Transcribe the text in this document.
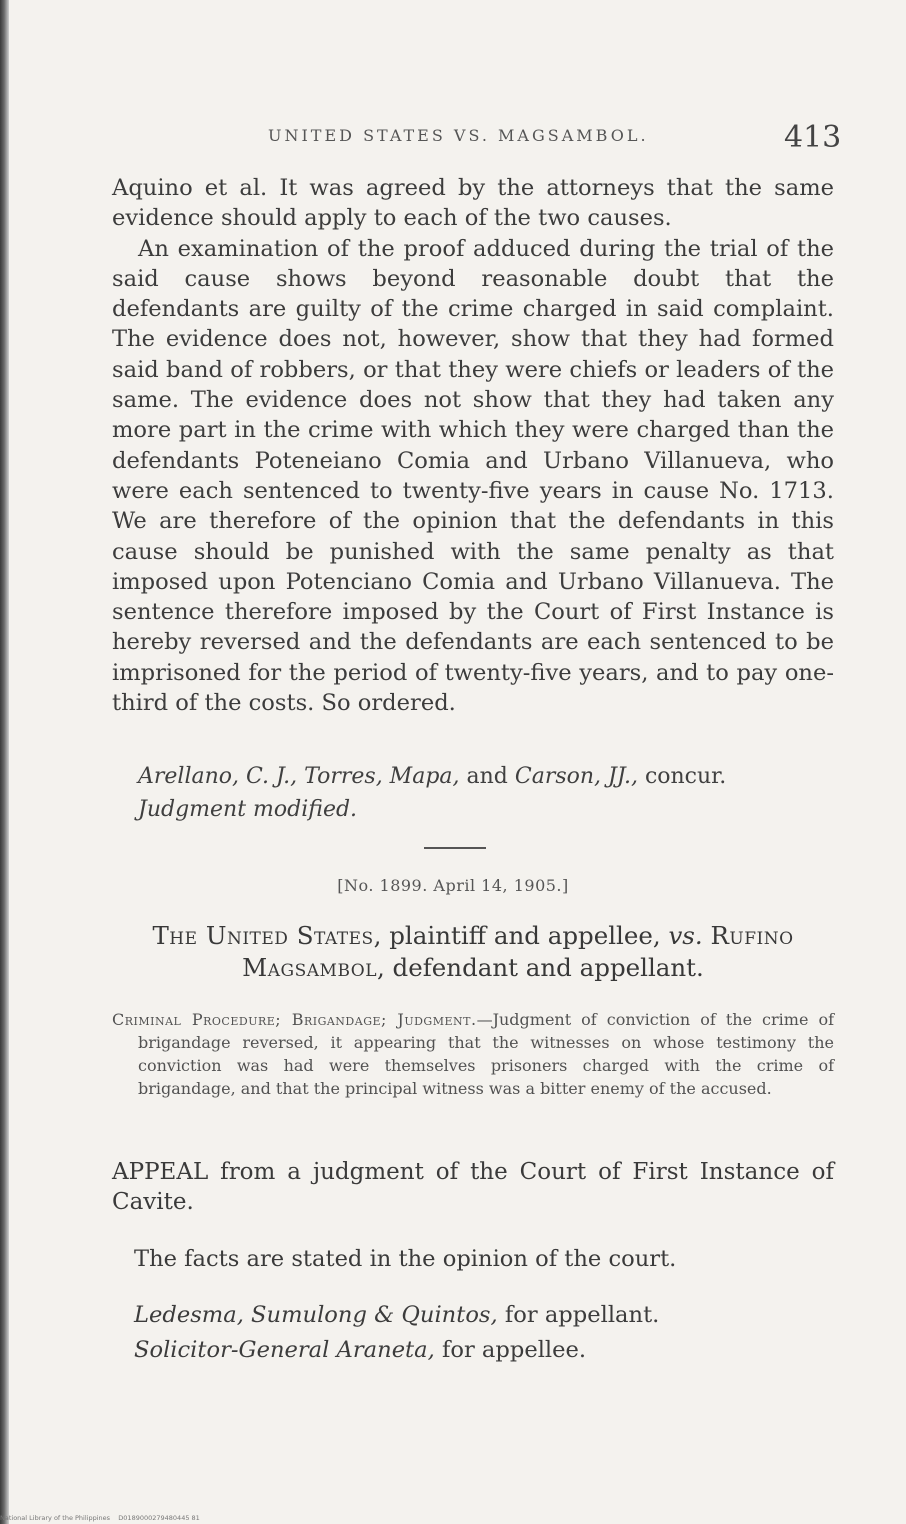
UNITED STATES VS. MAGSAMBOL.	413

Aquino et al. It was agreed by the attorneys that the same evidence should apply to each of the two causes.

An examination of the proof adduced during the trial of the said cause shows beyond reasonable doubt that the defendants are guilty of the crime charged in said complaint. The evidence does not, however, show that they had formed said band of robbers, or that they were chiefs or leaders of the same. The evidence does not show that they had taken any more part in the crime with which they were charged than the defendants Poteneiano Comia and Urbano Villanueva, who were each sentenced to twenty-five years in cause No. 1713. We are therefore of the opinion that the defendants in this cause should be punished with the same penalty as that imposed upon Potenciano Comia and Urbano Villanueva. The sentence therefore imposed by the Court of First Instance is hereby reversed and the defendants are each sentenced to be imprisoned for the period of twenty-five years, and to pay one-third of the costs. So ordered.

Arellano, C. J., Torres, Mapa, and Carson, JJ., concur.
Judgment modified.
[No. 1899. April 14, 1905.]
The United States, plaintiff and appellee, vs. Rufino Magsambol, defendant and appellant.

Criminal Procedure; Brigandage; Judgment.—Judgment of conviction of the crime of brigandage reversed, it appearing that the witnesses on whose testimony the conviction was had were themselves prisoners charged with the crime of brigandage, and that the principal witness was a bitter enemy of the accused.

APPEAL from a judgment of the Court of First Instance of Cavite.
The facts are stated in the opinion of the court.
Ledesma, Sumulong & Quintos, for appellant.
Solicitor-General Araneta, for appellee.
National Library of the Philippines    D0189000279480445 81
